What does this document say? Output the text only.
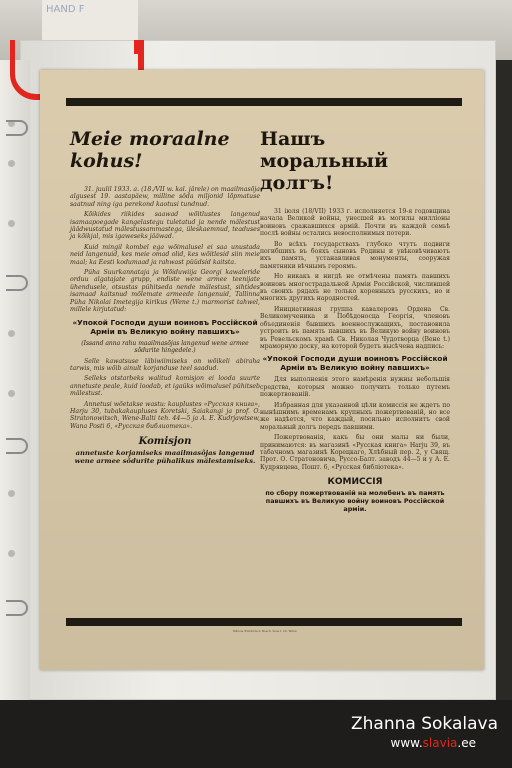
HAND F
Meie moraalne kohus!

31. juulil 1933. a. (18./VII w. kal. järele) on maailmasõja algusest 19. aastapäew, milline sõda miljonid lõpmatuse saatnud ning iga perekond kaotusi tundnud.

Kõikides riikides saawad wõitlustes langenud isamaapoegade kangelastegu tuletatud ja nende mälestust jäädwustatud mälestussammastega, üleskaemnud, teaduses ja kõikjal, mis igaweseks jääwad.

Kuid mingil kombel ega wõimalusel ei saa unustada neid langenuid, kes meie omad olid, kes wõitlesid siin meie maal; ka Eesti kodumaad ja rahwast püüdsid kaitsta.

Püha Suurkannataja ja Wõiduwiija Georgi kawaleride orduu algatajate grupp, endiste wene armee teenijate ühendusele, otsustas pühitseda nende mälestust, sihtides isamaad kaitsnud mõlemate armeede langenuid, Tallinna Püha Nikolai Imetegija kirikus (Wene t.) marmorist tahwel, millele kirjutatud:

«Упокой Господи души воиновъ Россійской Арміи въ Великую войну павшихъ»
(Issand anna rahu maailmasõjas langenud wene armee sõdurite hingedele.)

Selle kawatsuse läbiwiimiseks on wõikeli abiraha tarwis, mis wõib ainult korjanduse teel saadud.

Selleks otstarbeks walitud komisjon ei looda suurte annetuste peale, kuid loodab, et igaüks wõimalusel pühitseb mälestust.

Annetusi wõetakse wastu: kauplustes «Русская книга», Harju 30, tubakakaupluses Koretski, Saiakangi ja prof. O. Stratonowitsch, Wene-Balti teh. 44—5 ja A. E. Kudrjawtsew, Wana Posti 6, «Русская библиотека».

Komisjon
annetuste korjamiseks maailmasõjas langenud wene armee sõdurite pühalikus mälestamiseks.
Нашъ моральный долгъ!

31 іюля (18/VII) 1933 г. исполняется 19-я годовщина начала Великой войны, унесшей въ могилы милліоны воиновъ сражавшихся армій. Почти въ каждой семьѣ послѣ войны остались невосполнимыя потери.

Во всѣхъ государствахъ глубоко чтутъ подвиги погибшихъ въ бояхъ сыновъ Родины и увѣковѣчиваютъ ихъ память, устанавливая монументы, сооружая памятники вѣчнымъ героямъ.

Но никакъ и нигдѣ не отмѣчены память павшихъ воиновъ многострадальной Арміи Россійской, числившей въ своихъ рядахъ не только коренныхъ русскихъ, но и многихъ другихъ народностей.

Инициативная группа кавалеровъ Ордена Св. Великомученика и Побѣдоносца Георгія, членовъ объединенія бывшихъ военнослужащихъ, постановила устроить въ память павшихъ въ Великую войну воиновъ въ Ревельскомъ храмѣ Св. Николая Чудотворца (Вене t.) мраморную доску, на которой будетъ высѣчена надпись:

«Упокой Господи души воиновъ Россійской Арміи въ Великую войну павшихъ»

Для выполненія этого намѣренія нужны небольшія средства, которыя можно получить только путемъ пожертвованій.

Избранная для указанной цѣли комиссія не ждетъ по нынѣшнимъ временамъ крупныхъ пожертвованій, но все же надѣется, что каждый, посильно исполнитъ свой моральный долгъ передъ павшими.

Пожертвованія, какъ бы они малы ни были, принимаются: въ магазинѣ «Русская книга» Harju 39, въ табачномъ магазинѣ Корецкаго, Хлѣбный пер. 2, у Свящ. Прот. О. Стратоновича, Руссо-Балт. заводъ 44—5 и у А. Е. Кудрявцева, Пошт. 6, «Русская библіотека».

КОМИССІЯ
по сбору пожертвованій на молебенъ въ память павшихъ въ Великую войну воиновъ Россійской арміи.
Tallinna Trükikoda A. Busch, Vene t. 10, Tallinn
Zhanna Sokalava
www.slavia.ee
